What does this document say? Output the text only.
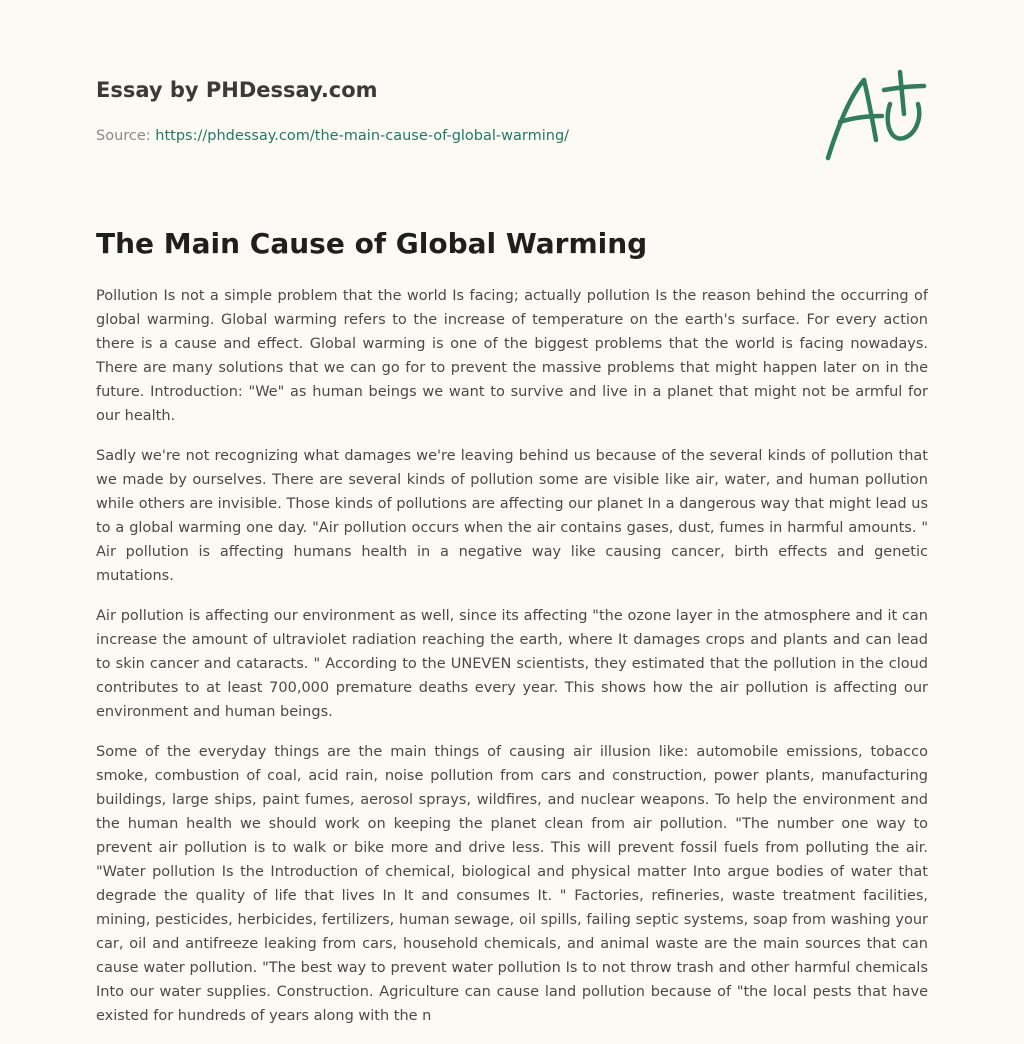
Essay by PHDessay.com
Source: https://phdessay.com/the-main-cause-of-global-warming/
The Main Cause of Global Warming

Pollution Is not a simple problem that the world Is facing; actually pollution Is the reason behind the occurring of global warming. Global warming refers to the increase of temperature on the earth's surface. For every action there is a cause and effect. Global warming is one of the biggest problems that the world is facing nowadays. There are many solutions that we can go for to prevent the massive problems that might happen later on in the future. Introduction: "We" as human beings we want to survive and live in a planet that might not be armful for our health.

Sadly we're not recognizing what damages we're leaving behind us because of the several kinds of pollution that we made by ourselves. There are several kinds of pollution some are visible like air, water, and human pollution while others are invisible. Those kinds of pollutions are affecting our planet In a dangerous way that might lead us to a global warming one day. "Air pollution occurs when the air contains gases, dust, fumes in harmful amounts. " Air pollution is affecting humans health in a negative way like causing cancer, birth effects and genetic mutations.

Air pollution is affecting our environment as well, since its affecting "the ozone layer in the atmosphere and it can increase the amount of ultraviolet radiation reaching the earth, where It damages crops and plants and can lead to skin cancer and cataracts. " According to the UNEVEN scientists, they estimated that the pollution in the cloud contributes to at least 700,000 premature deaths every year. This shows how the air pollution is affecting our environment and human beings.

Some of the everyday things are the main things of causing air illusion like: automobile emissions, tobacco smoke, combustion of coal, acid rain, noise pollution from cars and construction, power plants, manufacturing buildings, large ships, paint fumes, aerosol sprays, wildfires, and nuclear weapons. To help the environment and the human health we should work on keeping the planet clean from air pollution. "The number one way to prevent air pollution is to walk or bike more and drive less. This will prevent fossil fuels from polluting the air. "Water pollution Is the Introduction of chemical, biological and physical matter Into argue bodies of water that degrade the quality of life that lives In It and consumes It. " Factories, refineries, waste treatment facilities, mining, pesticides, herbicides, fertilizers, human sewage, oil spills, failing septic systems, soap from washing your car, oil and antifreeze leaking from cars, household chemicals, and animal waste are the main sources that can cause water pollution. "The best way to prevent water pollution Is to not throw trash and other harmful chemicals Into our water supplies. Construction. Agriculture can cause land pollution because of "the local pests that have existed for hundreds of years along with the n
